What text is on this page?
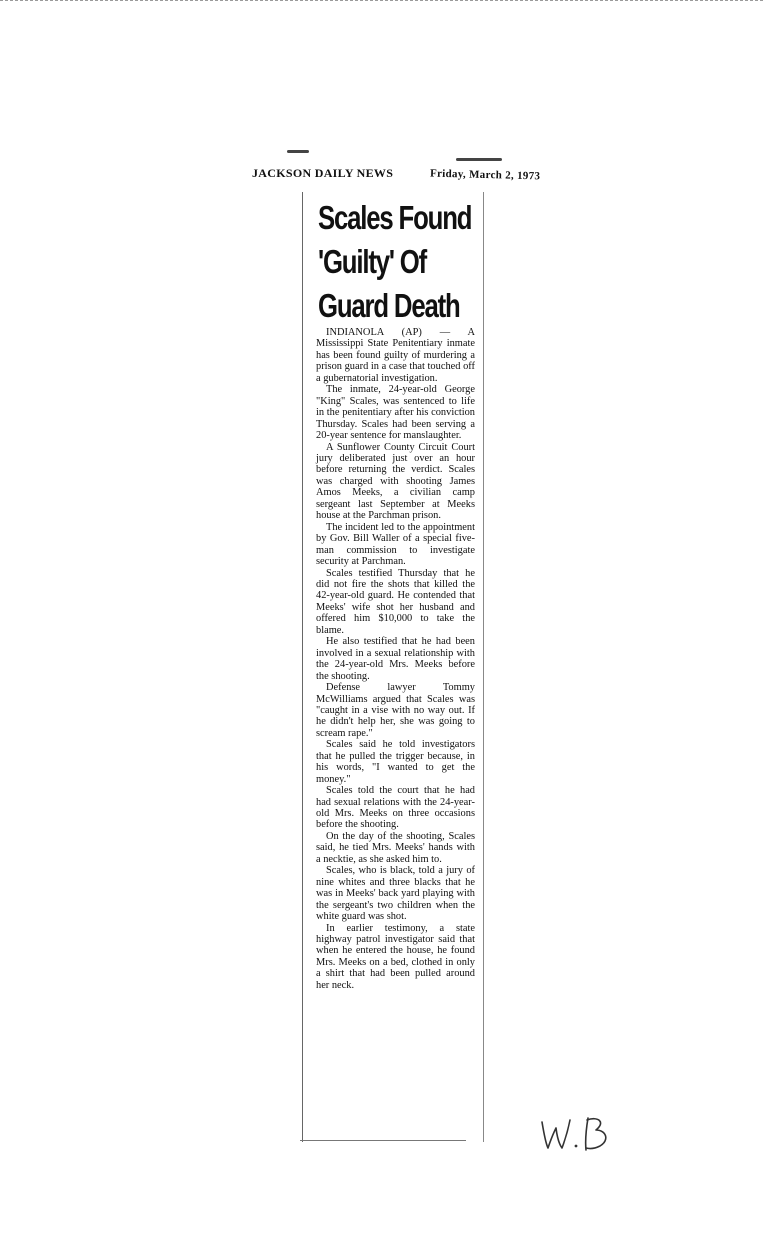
JACKSON DAILY NEWS	Friday, March 2, 1973
Scales Found
'Guilty' Of
Guard Death

INDIANOLA (AP) — A Mississippi State Penitentiary inmate has been found guilty of murdering a prison guard in a case that touched off a gubernatorial investigation.

The inmate, 24-year-old George "King" Scales, was sentenced to life in the penitentiary after his conviction Thursday. Scales had been serving a 20-year sentence for manslaughter.

A Sunflower County Circuit Court jury deliberated just over an hour before returning the verdict. Scales was charged with shooting James Amos Meeks, a civilian camp sergeant last September at Meeks house at the Parchman prison.

The incident led to the appointment by Gov. Bill Waller of a special five-man commission to investigate security at Parchman.

Scales testified Thursday that he did not fire the shots that killed the 42-year-old guard. He contended that Meeks' wife shot her husband and offered him $10,000 to take the blame.

He also testified that he had been involved in a sexual relationship with the 24-year-old Mrs. Meeks before the shooting.

Defense lawyer Tommy McWilliams argued that Scales was "caught in a vise with no way out. If he didn't help her, she was going to scream rape."

Scales said he told investigators that he pulled the trigger because, in his words, "I wanted to get the money."

Scales told the court that he had had sexual relations with the 24-year-old Mrs. Meeks on three occasions before the shooting.

On the day of the shooting, Scales said, he tied Mrs. Meeks' hands with a necktie, as she asked him to.

Scales, who is black, told a jury of nine whites and three blacks that he was in Meeks' back yard playing with the sergeant's two children when the white guard was shot.

In earlier testimony, a state highway patrol investigator said that when he entered the house, he found Mrs. Meeks on a bed, clothed in only a shirt that had been pulled around her neck.
